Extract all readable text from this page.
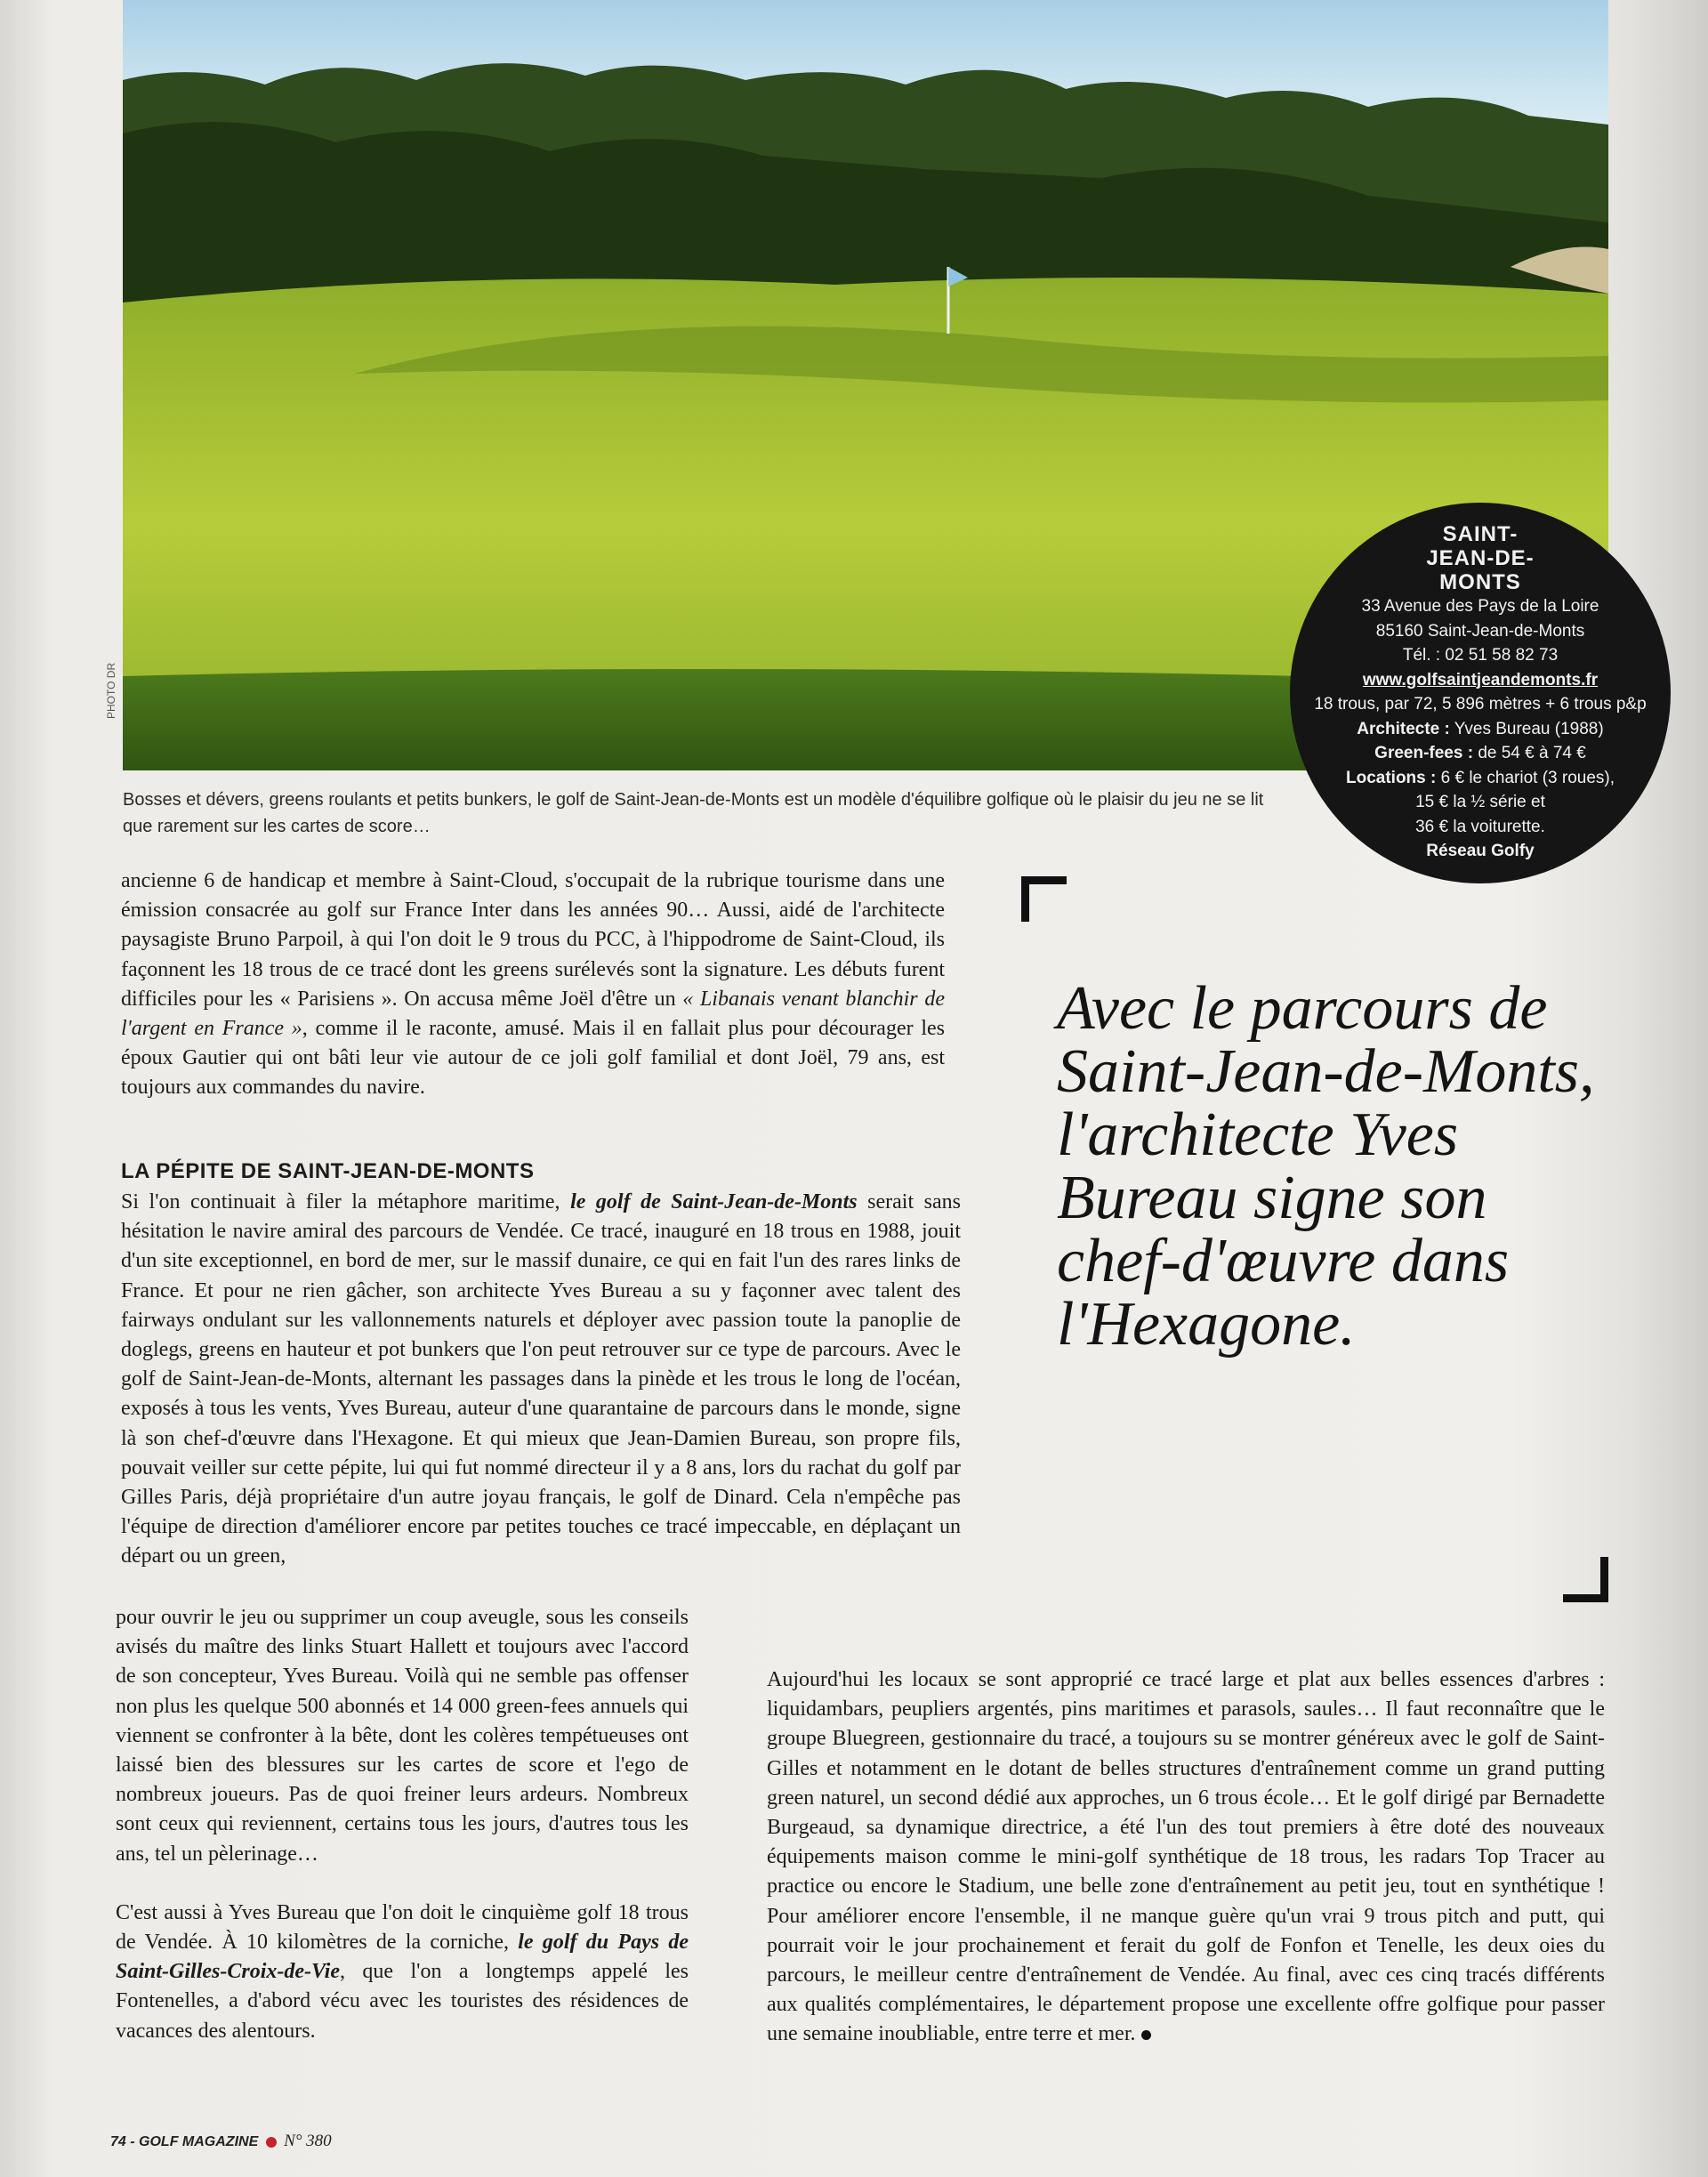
PHOTO DR
Bosses et dévers, greens roulants et petits bunkers, le golf de Saint-Jean-de-Monts est un modèle d'équilibre golfique où le plaisir du jeu ne se lit que rarement sur les cartes de score…
SAINT-
JEAN-DE-
MONTS
33 Avenue des Pays de la Loire
85160 Saint-Jean-de-Monts
Tél. : 02 51 58 82 73
www.golfsaintjeandemonts.fr
18 trous, par 72, 5 896 mètres + 6 trous p&p
Architecte : Yves Bureau (1988)
Green-fees : de 54 € à 74 €
Locations : 6 € le chariot (3 roues),
15 € la ½ série et
36 € la voiturette.
Réseau Golfy

ancienne 6 de handicap et membre à Saint-Cloud, s'occupait de la rubrique tourisme dans une émission consacrée au golf sur France Inter dans les années 90… Aussi, aidé de l'architecte paysagiste Bruno Parpoil, à qui l'on doit le 9 trous du PCC, à l'hippodrome de Saint-Cloud, ils façonnent les 18 trous de ce tracé dont les greens surélevés sont la signature. Les débuts furent difficiles pour les « Parisiens ». On accusa même Joël d'être un « Libanais venant blanchir de l'argent en France », comme il le raconte, amusé. Mais il en fallait plus pour décourager les époux Gautier qui ont bâti leur vie autour de ce joli golf familial et dont Joël, 79 ans, est toujours aux commandes du navire.

LA PÉPITE DE SAINT-JEAN-DE-MONTS

Si l'on continuait à filer la métaphore maritime, le golf de Saint-Jean-de-Monts serait sans hésitation le navire amiral des parcours de Vendée. Ce tracé, inauguré en 18 trous en 1988, jouit d'un site exceptionnel, en bord de mer, sur le massif dunaire, ce qui en fait l'un des rares links de France. Et pour ne rien gâcher, son architecte Yves Bureau a su y façonner avec talent des fairways ondulant sur les vallonnements naturels et déployer avec passion toute la panoplie de doglegs, greens en hauteur et pot bunkers que l'on peut retrouver sur ce type de parcours. Avec le golf de Saint-Jean-de-Monts, alternant les passages dans la pinède et les trous le long de l'océan, exposés à tous les vents, Yves Bureau, auteur d'une quarantaine de parcours dans le monde, signe là son chef-d'œuvre dans l'Hexagone. Et qui mieux que Jean-Damien Bureau, son propre fils, pouvait veiller sur cette pépite, lui qui fut nommé directeur il y a 8 ans, lors du rachat du golf par Gilles Paris, déjà propriétaire d'un autre joyau français, le golf de Dinard. Cela n'empêche pas l'équipe de direction d'améliorer encore par petites touches ce tracé impeccable, en déplaçant un départ ou un green,

pour ouvrir le jeu ou supprimer un coup aveugle, sous les conseils avisés du maître des links Stuart Hallett et toujours avec l'accord de son concepteur, Yves Bureau. Voilà qui ne semble pas offenser non plus les quelque 500 abonnés et 14 000 green-fees annuels qui viennent se confronter à la bête, dont les colères tempétueuses ont laissé bien des blessures sur les cartes de score et l'ego de nombreux joueurs. Pas de quoi freiner leurs ardeurs. Nombreux sont ceux qui reviennent, certains tous les jours, d'autres tous les ans, tel un pèlerinage…

C'est aussi à Yves Bureau que l'on doit le cinquième golf 18 trous de Vendée. À 10 kilomètres de la corniche, le golf du Pays de Saint-Gilles-Croix-de-Vie, que l'on a longtemps appelé les Fontenelles, a d'abord vécu avec les touristes des résidences de vacances des alentours.

Aujourd'hui les locaux se sont approprié ce tracé large et plat aux belles essences d'arbres : liquidambars, peupliers argentés, pins maritimes et parasols, saules… Il faut reconnaître que le groupe Bluegreen, gestionnaire du tracé, a toujours su se montrer généreux avec le golf de Saint-Gilles et notamment en le dotant de belles structures d'entraînement comme un grand putting green naturel, un second dédié aux approches, un 6 trous école… Et le golf dirigé par Bernadette Burgeaud, sa dynamique directrice, a été l'un des tout premiers à être doté des nouveaux équipements maison comme le mini-golf synthétique de 18 trous, les radars Top Tracer au practice ou encore le Stadium, une belle zone d'entraînement au petit jeu, tout en synthétique ! Pour améliorer encore l'ensemble, il ne manque guère qu'un vrai 9 trous pitch and putt, qui pourrait voir le jour prochainement et ferait du golf de Fonfon et Tenelle, les deux oies du parcours, le meilleur centre d'entraînement de Vendée. Au final, avec ces cinq tracés différents aux qualités complémentaires, le département propose une excellente offre golfique pour passer une semaine inoubliable, entre terre et mer.

Avec le parcours de Saint-Jean-de-Monts, l'architecte Yves Bureau signe son chef-d'œuvre dans l'Hexagone.
74 - GOLF MAGAZINE N° 380
